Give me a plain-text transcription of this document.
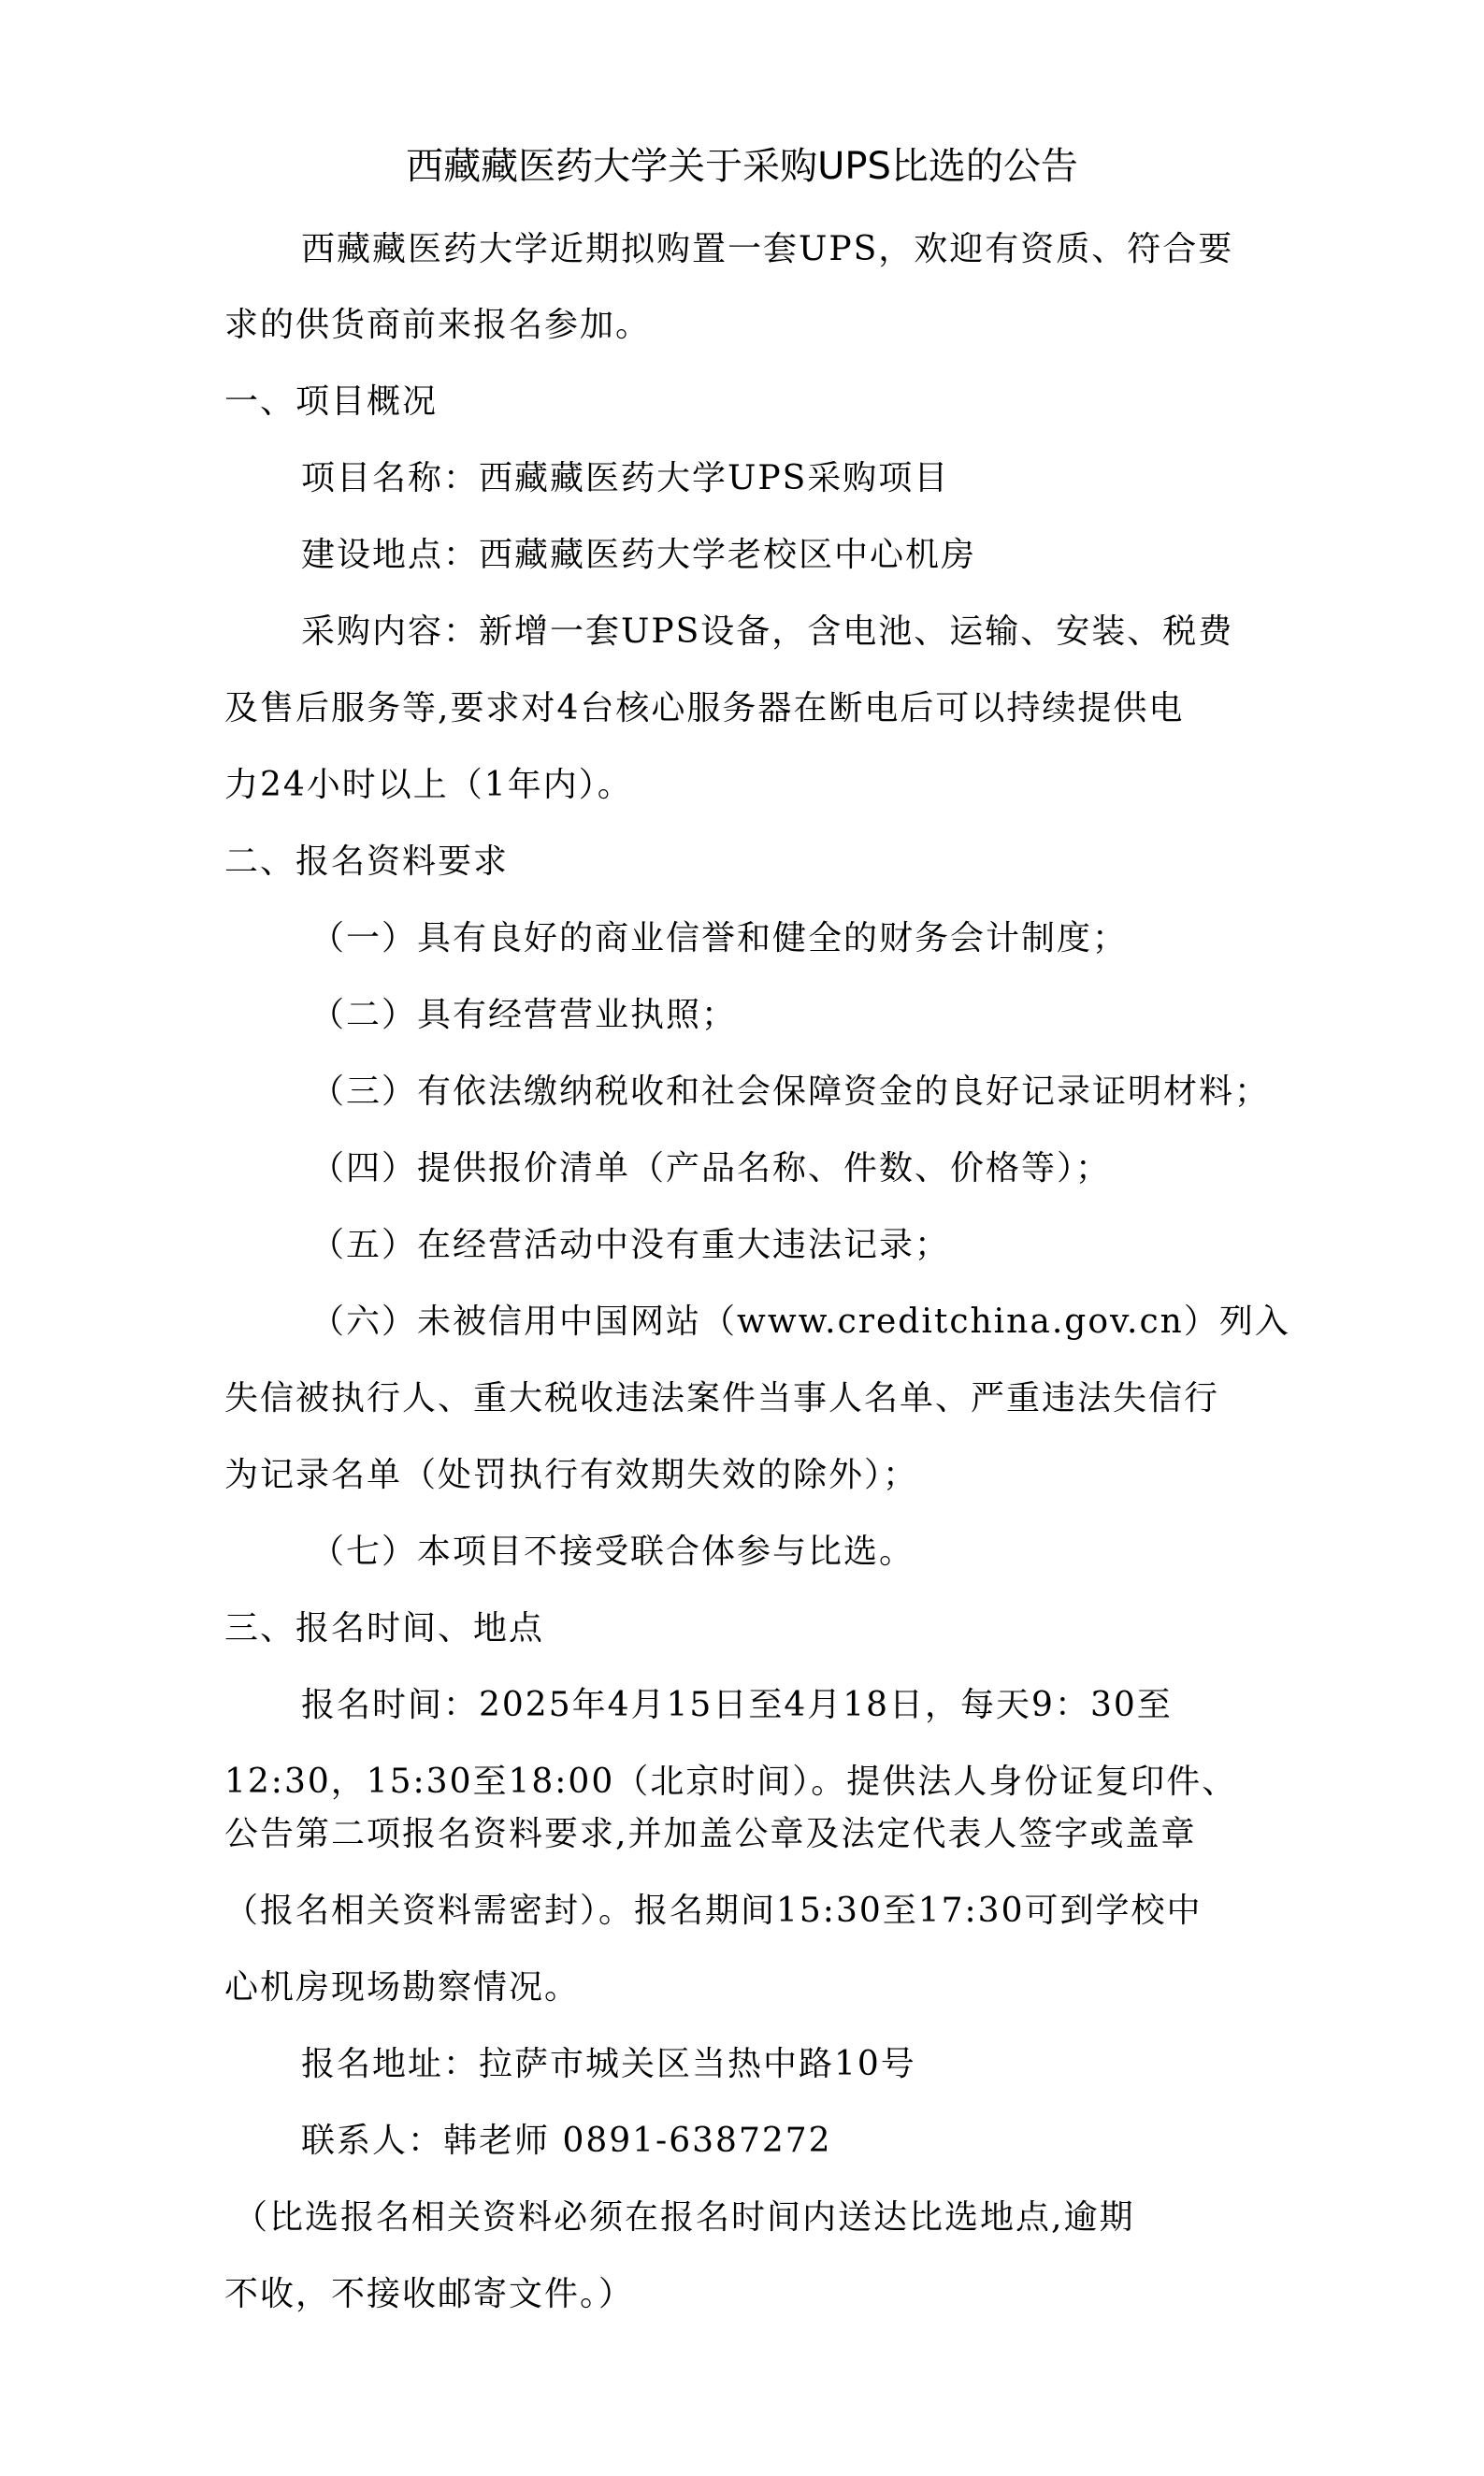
西藏藏医药大学关于采购UPS比选的公告
西藏藏医药大学近期拟购置一套UPS，欢迎有资质、符合要
求的供货商前来报名参加。
一、项目概况
项目名称：西藏藏医药大学UPS采购项目
建设地点：西藏藏医药大学老校区中心机房
采购内容：新增一套UPS设备，含电池、运输、安装、税费
及售后服务等,要求对4台核心服务器在断电后可以持续提供电
力24小时以上（1年内）。
二、报名资料要求
（一）具有良好的商业信誉和健全的财务会计制度；
（二）具有经营营业执照；
（三）有依法缴纳税收和社会保障资金的良好记录证明材料；
（四）提供报价清单（产品名称、件数、价格等）；
（五）在经营活动中没有重大违法记录；
（六）未被信用中国网站（www.creditchina.gov.cn）列入
失信被执行人、重大税收违法案件当事人名单、严重违法失信行
为记录名单（处罚执行有效期失效的除外）；
（七）本项目不接受联合体参与比选。
三、报名时间、地点
报名时间：2025年4月15日至4月18日，每天9：30至
12:30，15:30至18:00（北京时间）。提供法人身份证复印件、
公告第二项报名资料要求,并加盖公章及法定代表人签字或盖章
（报名相关资料需密封）。报名期间15:30至17:30可到学校中
心机房现场勘察情况。
报名地址：拉萨市城关区当热中路10号
联系人：韩老师 0891-6387272
（比选报名相关资料必须在报名时间内送达比选地点,逾期
不收，不接收邮寄文件。）
